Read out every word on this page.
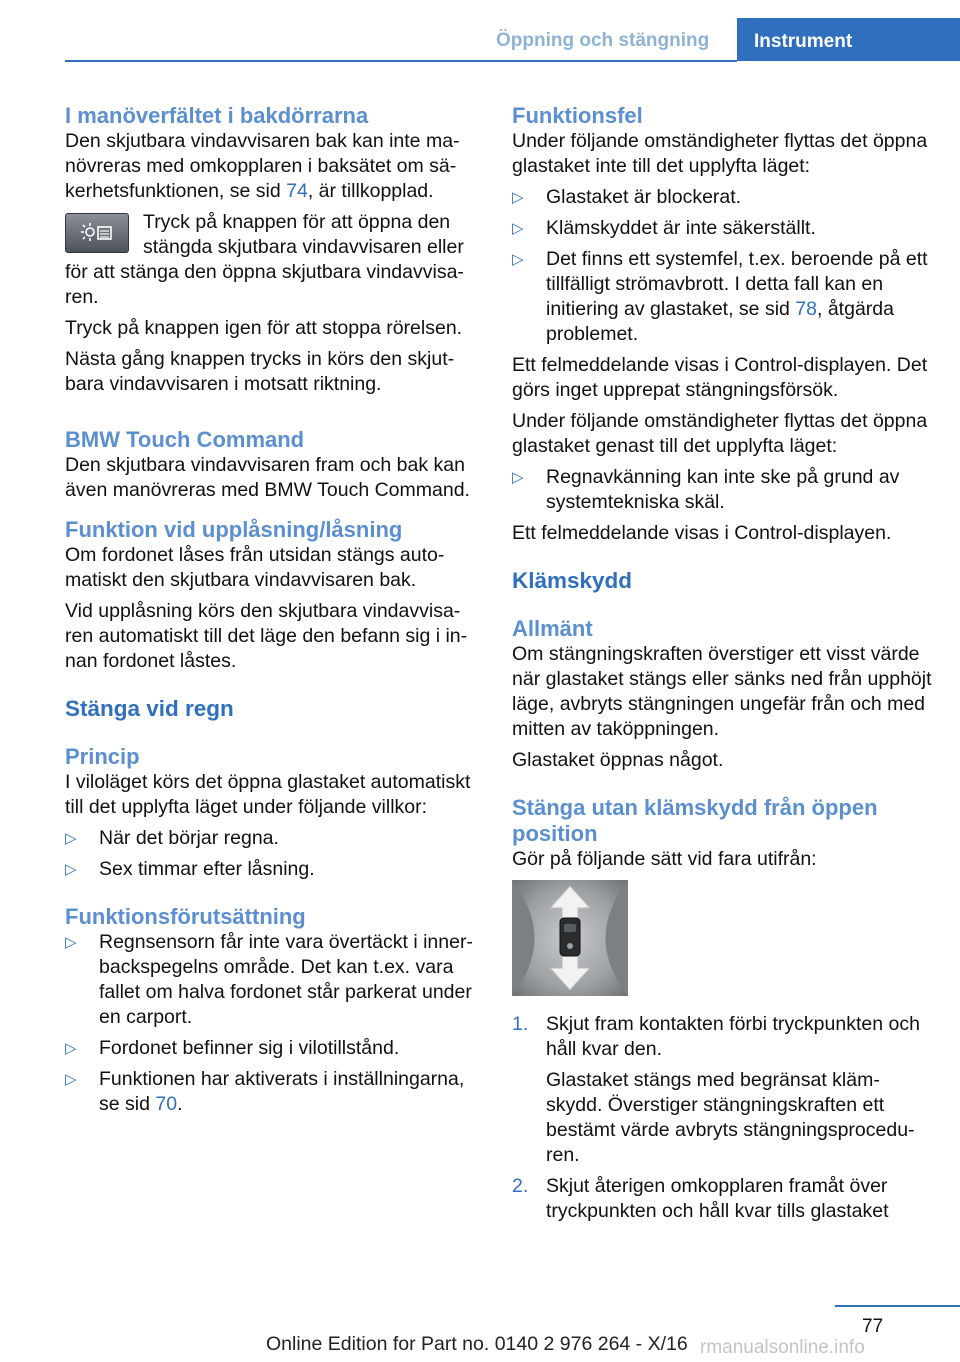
Öppning och stängning	Instrument
I manöverfältet i bakdörrarna

Den skjutbara vindavvisaren bak kan inte ma-növreras med omkopplaren i baksätet om sä-kerhetsfunktionen, se sid 74, är tillkopplad.

Tryck på knappen för att öppna den stängda skjutbara vindavvisaren eller för att stänga den öppna skjutbara vindavvisa-ren.

Tryck på knappen igen för att stoppa rörelsen.

Nästa gång knappen trycks in körs den skjut-bara vindavvisaren i motsatt riktning.

BMW Touch Command

Den skjutbara vindavvisaren fram och bak kan även manövreras med BMW Touch Command.

Funktion vid upplåsning/låsning

Om fordonet låses från utsidan stängs auto-matiskt den skjutbara vindavvisaren bak.

Vid upplåsning körs den skjutbara vindavvisa-ren automatiskt till det läge den befann sig i in-nan fordonet låstes.

Stänga vid regn
Princip

I viloläget körs det öppna glastaket automatiskt till det upplyfta läget under följande villkor:

▷ När det börjar regna.
▷ Sex timmar efter låsning.
Funktionsförutsättning
▷ Regnsensorn får inte vara övertäckt i inner-backspegelns område. Det kan t.ex. vara fallet om halva fordonet står parkerat under en carport.
▷ Fordonet befinner sig i vilotillstånd.
▷ Funktionen har aktiverats i inställningarna, se sid 70.
Funktionsfel

Under följande omständigheter flyttas det öppna glastaket inte till det upplyfta läget:

▷ Glastaket är blockerat.
▷ Klämskyddet är inte säkerställt.
▷ Det finns ett systemfel, t.ex. beroende på ett tillfälligt strömavbrott. I detta fall kan en initiering av glastaket, se sid 78, åtgärda problemet.

Ett felmeddelande visas i Control-displayen. Det görs inget upprepat stängningsförsök.

Under följande omständigheter flyttas det öppna glastaket genast till det upplyfta läget:

▷ Regnavkänning kan inte ske på grund av systemtekniska skäl.

Ett felmeddelande visas i Control-displayen.

Klämskydd
Allmänt

Om stängningskraften överstiger ett visst värde när glastaket stängs eller sänks ned från upphöjt läge, avbryts stängningen ungefär från och med mitten av taköppningen.

Glastaket öppnas något.

Stänga utan klämskydd från öppen position

Gör på följande sätt vid fara utifrån:

1. Skjut fram kontakten förbi tryckpunkten och håll kvar den.

Glastaket stängs med begränsat kläm-skydd. Överstiger stängningskraften ett bestämt värde avbryts stängningsprocedu-ren.

2. Skjut återigen omkopplaren framåt över tryckpunkten och håll kvar tills glastaket

77
Online Edition for Part no. 0140 2 976 264 - X/16 rmanualsonline.info
